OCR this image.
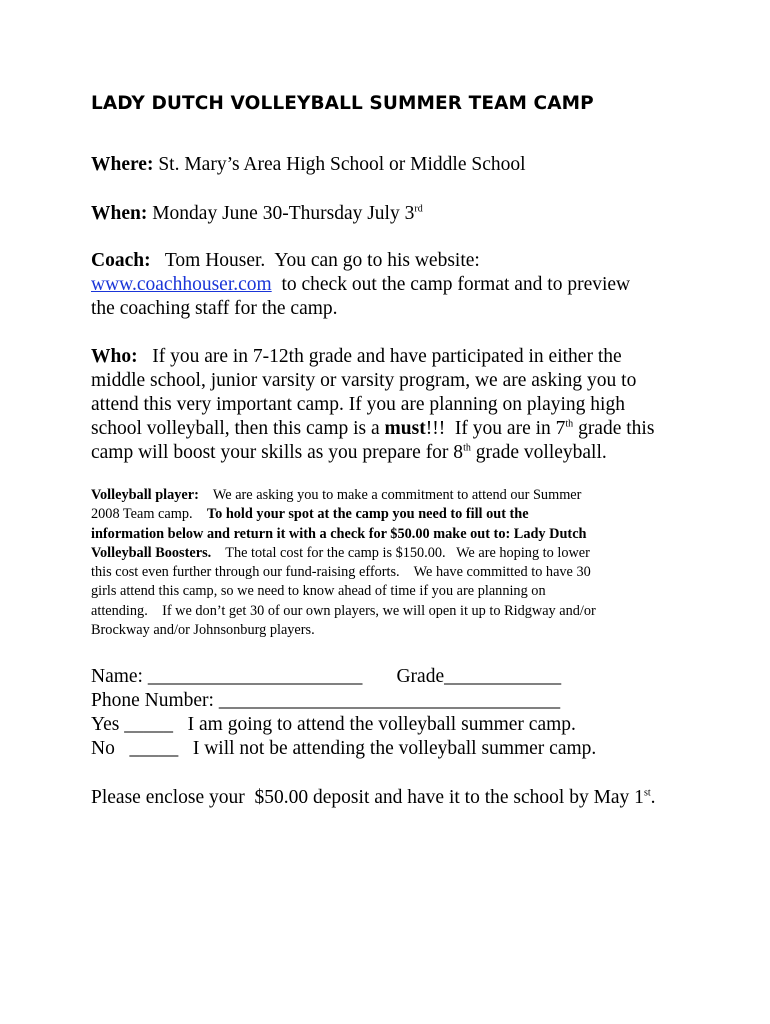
LADY DUTCH VOLLEYBALL SUMMER TEAM CAMP

Where: St. Mary’s Area High School or Middle School

When: Monday June 30-Thursday July 3rd

Coach:   Tom Houser.  You can go to his website:
www.coachhouser.com  to check out the camp format and to preview
the coaching staff for the camp.

Who:   If you are in 7-12th grade and have participated in either the
middle school, junior varsity or varsity program, we are asking you to
attend this very important camp. If you are planning on playing high
school volleyball, then this camp is a must!!!  If you are in 7th grade this
camp will boost your skills as you prepare for 8th grade volleyball.

Volleyball player:    We are asking you to make a commitment to attend our Summer
2008 Team camp.    To hold your spot at the camp you need to fill out the
information below and return it with a check for $50.00 make out to: Lady Dutch
Volleyball Boosters.    The total cost for the camp is $150.00.   We are hoping to lower
this cost even further through our fund-raising efforts.    We have committed to have 30
girls attend this camp, so we need to know ahead of time if you are planning on
attending.    If we don’t get 30 of our own players, we will open it up to Ridgway and/or
Brockway and/or Johnsonburg players.

Name: ______________________       Grade____________
Phone Number: ___________________________________
Yes _____   I am going to attend the volleyball summer camp.
No   _____   I will not be attending the volleyball summer camp.

Please enclose your  $50.00 deposit and have it to the school by May 1st.
